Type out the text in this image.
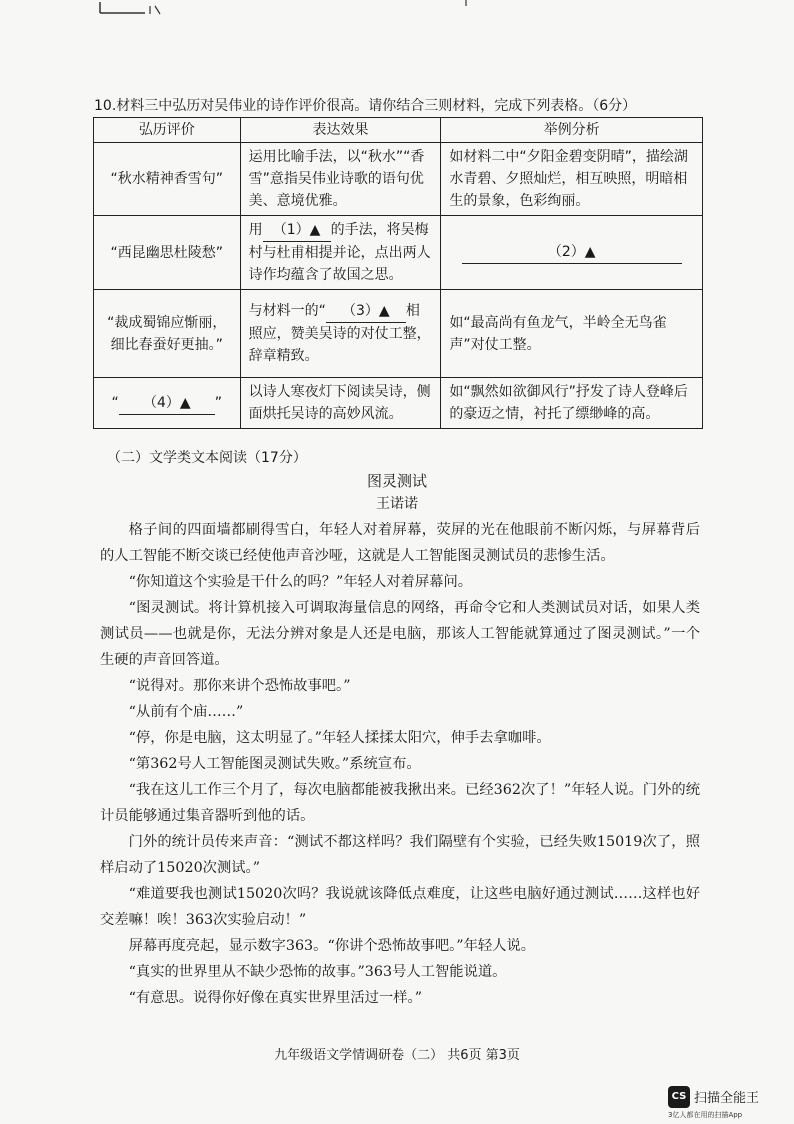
10.材料三中弘历对吴伟业的诗作评价很高。请你结合三则材料，完成下列表格。（6分）
弘历评价	表达效果	举例分析
“秋水精神香雪句”	运用比喻手法，以“秋水”“香雪”意指吴伟业诗歌的语句优美、意境优雅。	如材料二中“夕阳金碧变阴晴”，描绘湖水青碧、夕照灿烂，相互映照，明暗相生的景象，色彩绚丽。
“西昆幽思杜陵愁”	用 （1）▲ 的手法，将吴梅村与杜甫相提并论，点出两人诗作均蕴含了故国之思。	（2）▲

“裁成蜀锦应惭丽，
细比春蚕好更抽。”	与材料一的“ （3）▲ 相照应，赞美吴诗的对仗工整，辞章精致。	如“最高尚有鱼龙气，半岭全无鸟雀声”对仗工整。
“ （4）▲ ”	以诗人寒夜灯下阅读吴诗，侧面烘托吴诗的高妙风流。	如“飘然如欲御风行”抒发了诗人登峰后的豪迈之情，衬托了缥缈峰的高。
（二）文学类文本阅读（17分）
图灵测试
王诺诺

格子间的四面墙都刷得雪白，年轻人对着屏幕，荧屏的光在他眼前不断闪烁，与屏幕背后的人工智能不断交谈已经使他声音沙哑，这就是人工智能图灵测试员的悲惨生活。

“你知道这个实验是干什么的吗？”年轻人对着屏幕问。

“图灵测试。将计算机接入可调取海量信息的网络，再命令它和人类测试员对话，如果人类测试员——也就是你，无法分辨对象是人还是电脑，那该人工智能就算通过了图灵测试。”一个生硬的声音回答道。

“说得对。那你来讲个恐怖故事吧。”

“从前有个庙……”

“停，你是电脑，这太明显了。”年轻人揉揉太阳穴，伸手去拿咖啡。

“第362号人工智能图灵测试失败。”系统宣布。

“我在这儿工作三个月了，每次电脑都能被我揪出来。已经362次了！”年轻人说。门外的统计员能够通过集音器听到他的话。

门外的统计员传来声音：“测试不都这样吗？我们隔壁有个实验，已经失败15019次了，照样启动了15020次测试。”

“难道要我也测试15020次吗？我说就该降低点难度，让这些电脑好通过测试……这样也好交差嘛！唉！363次实验启动！”

屏幕再度亮起，显示数字363。“你讲个恐怖故事吧。”年轻人说。

“真实的世界里从不缺少恐怖的故事。”363号人工智能说道。

“有意思。说得你好像在真实世界里活过一样。”

九年级语文学情调研卷（二） 共6页 第3页
CS 扫描全能王
3亿人都在用的扫描App
